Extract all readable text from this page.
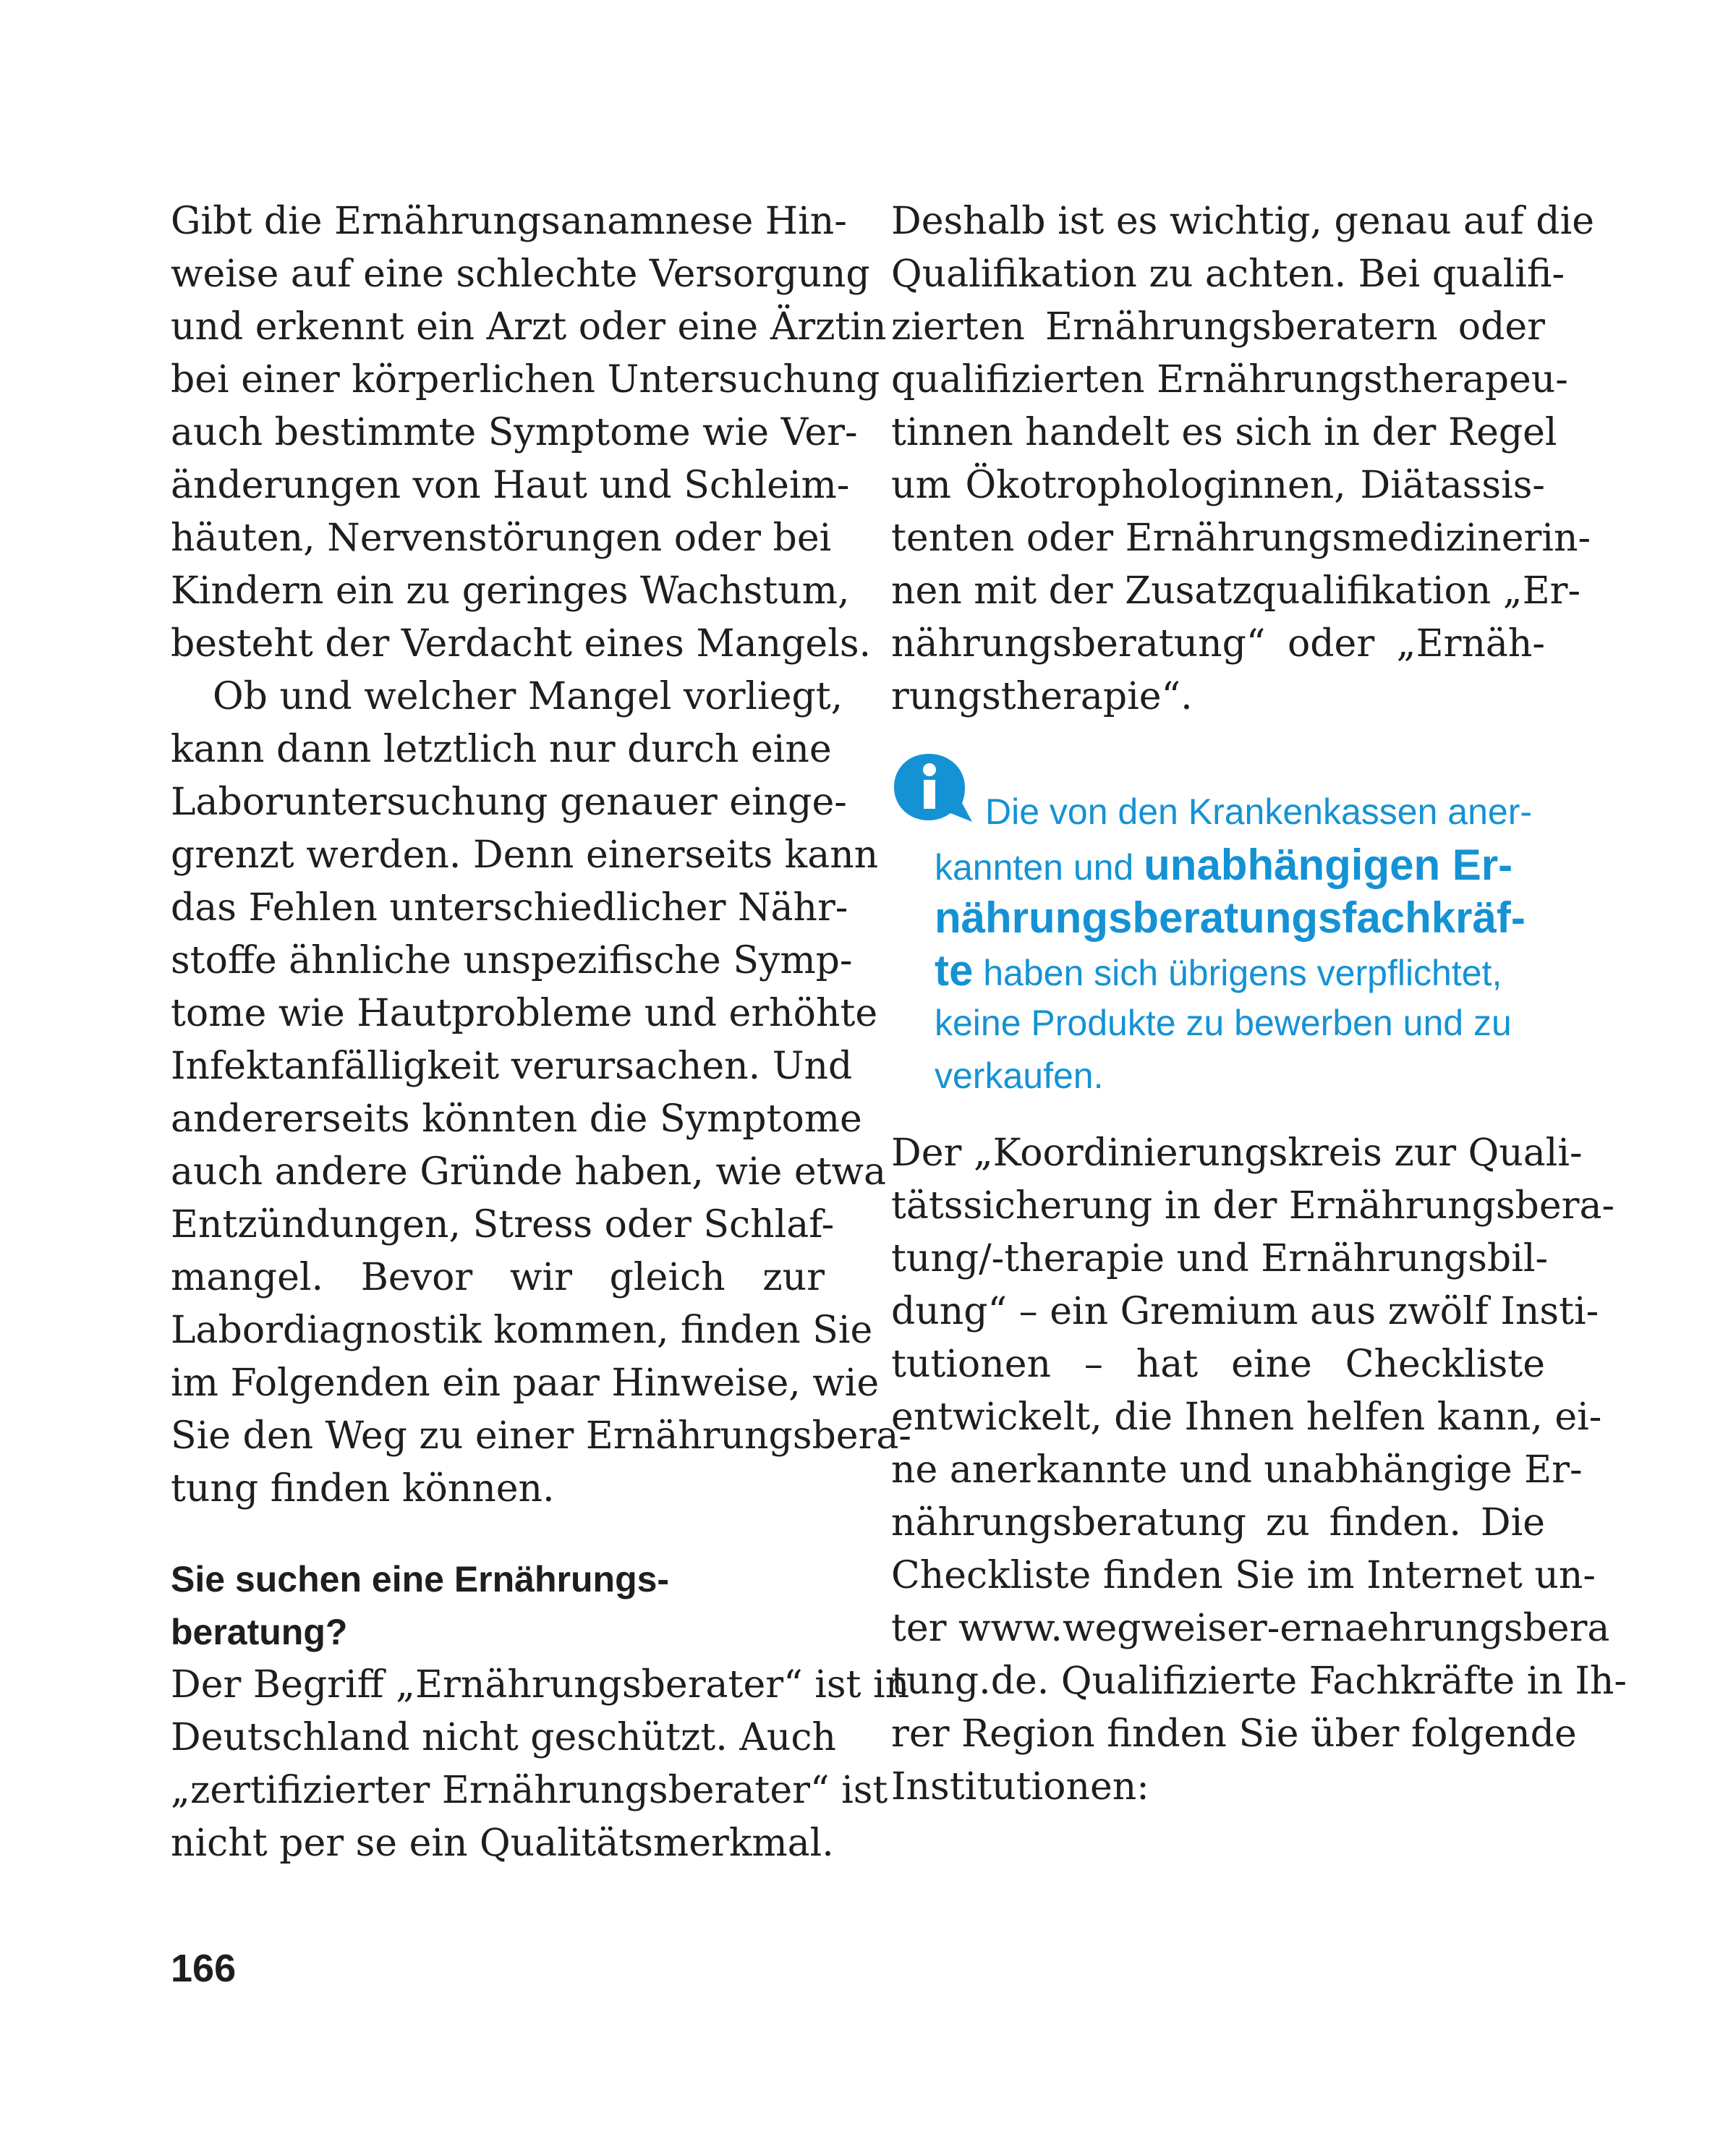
Gibt die Ernährungsanamnese Hin-
weise auf eine schlechte Versorgung
und erkennt ein Arzt oder eine Ärztin
bei einer körperlichen Untersuchung
auch bestimmte Symptome wie Ver-
änderungen von Haut und Schleim-
häuten, Nervenstörungen oder bei
Kindern ein zu geringes Wachstum,
besteht der Verdacht eines Mangels.
Ob und welcher Mangel vorliegt,
kann dann letztlich nur durch eine
Laboruntersuchung genauer einge-
grenzt werden. Denn einerseits kann
das Fehlen unterschiedlicher Nähr-
stoffe ähnliche unspezifische Symp-
tome wie Hautprobleme und erhöhte
Infektanfälligkeit verursachen. Und
andererseits könnten die Symptome
auch andere Gründe haben, wie etwa
Entzündungen, Stress oder Schlaf-
mangel. Bevor wir gleich zur
Labordiagnostik kommen, finden Sie
im Folgenden ein paar Hinweise, wie
Sie den Weg zu einer Ernährungsbera-
tung finden können.
Sie suchen eine Ernährungs-
beratung?
Der Begriff „Ernährungsberater“ ist in
Deutschland nicht geschützt. Auch
„zertifizierter Ernährungsberater“ ist
nicht per se ein Qualitätsmerkmal.
Deshalb ist es wichtig, genau auf die
Qualifikation zu achten. Bei qualifi-
zierten Ernährungsberatern oder
qualifizierten Ernährungstherapeu-
tinnen handelt es sich in der Regel
um Ökotrophologinnen, Diätassis-
tenten oder Ernährungsmedizinerin-
nen mit der Zusatzqualifikation „Er-
nährungsberatung“ oder „Ernäh-
rungstherapie“.
Die von den Krankenkassen aner-
kannten und unabhängigen Er-
nährungsberatungsfachkräf-
te haben sich übrigens verpflichtet,
keine Produkte zu bewerben und zu
verkaufen.
Der „Koordinierungskreis zur Quali-
tätssicherung in der Ernährungsbera-
tung/-therapie und Ernährungsbil-
dung“ – ein Gremium aus zwölf Insti-
tutionen – hat eine Checkliste
entwickelt, die Ihnen helfen kann, ei-
ne anerkannte und unabhängige Er-
nährungsberatung zu finden. Die
Checkliste finden Sie im Internet un-
ter www.wegweiser-ernaehrungsbera
tung.de. Qualifizierte Fachkräfte in Ih-
rer Region finden Sie über folgende
Institutionen:
166
